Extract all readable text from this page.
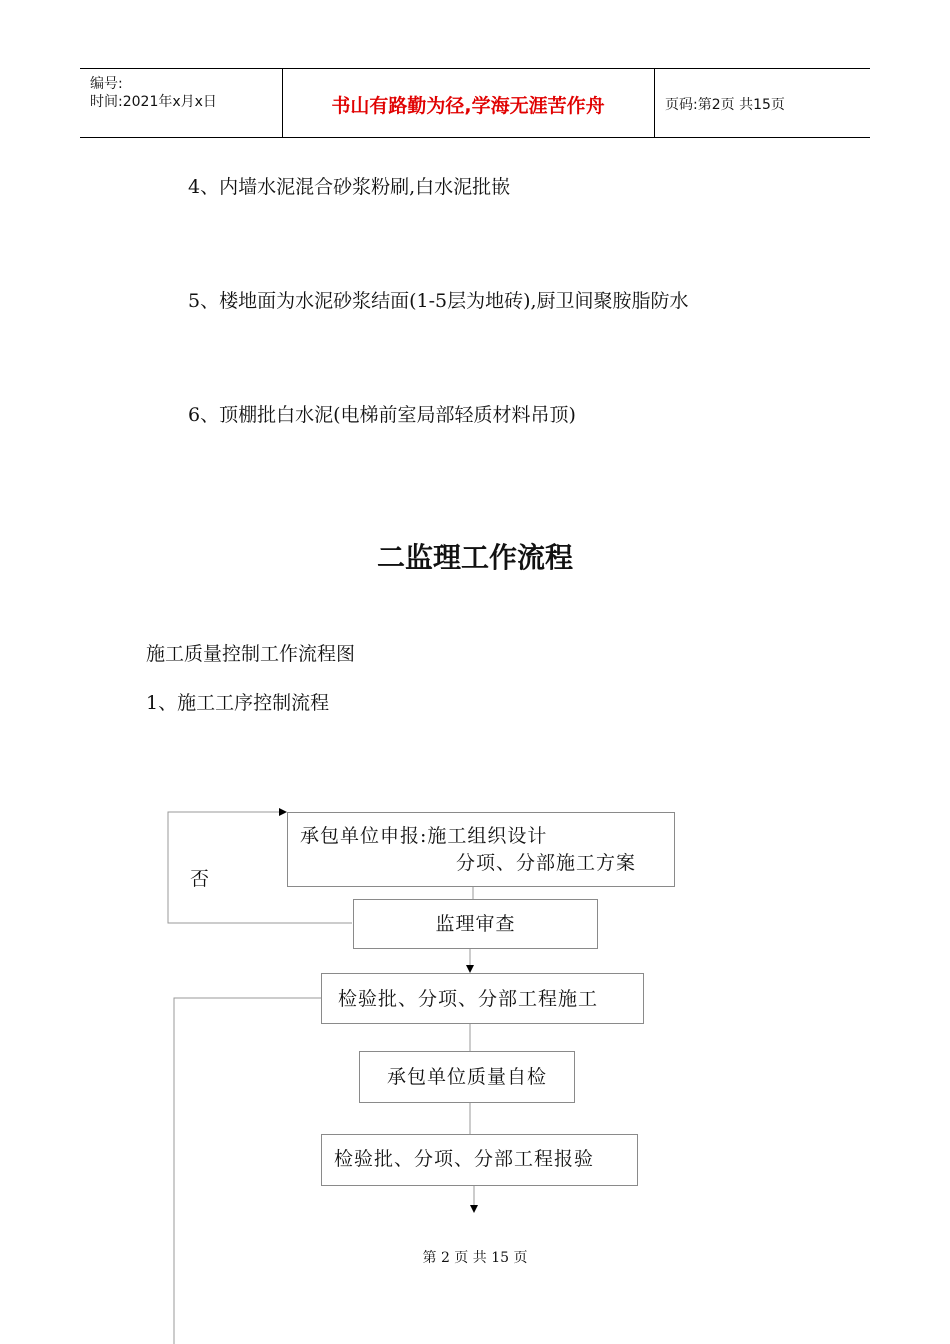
编号:
时间:2021年x月x日	书山有路勤为径,学海无涯苦作舟	页码:第2页 共15页
4、内墙水泥混合砂浆粉刷,白水泥批嵌
5、楼地面为水泥砂浆结面(1-5层为地砖),厨卫间聚胺脂防水
6、顶棚批白水泥(电梯前室局部轻质材料吊顶)
二监理工作流程
施工质量控制工作流程图
1、施工工序控制流程
承包单位申报:施工组织设计
分项、分部施工方案
否
监理审查
检验批、分项、分部工程施工
承包单位质量自检
检验批、分项、分部工程报验
第 2 页 共 15 页
